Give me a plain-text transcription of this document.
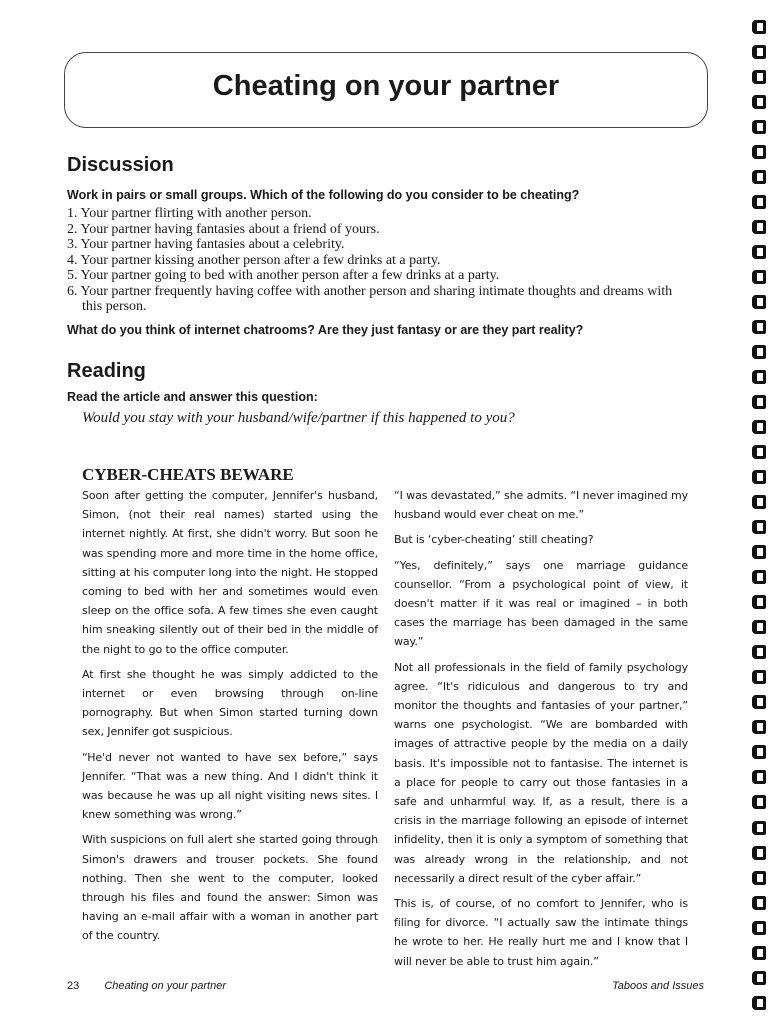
Cheating on your partner
Discussion
Work in pairs or small groups. Which of the following do you consider to be cheating?
1. Your partner flirting with another person.
2. Your partner having fantasies about a friend of yours.
3. Your partner having fantasies about a celebrity.
4. Your partner kissing another person after a few drinks at a party.
5. Your partner going to bed with another person after a few drinks at a party.
6. Your partner frequently having coffee with another person and sharing intimate thoughts and dreams with this person.
What do you think of internet chatrooms? Are they just fantasy or are they part reality?
Reading
Read the article and answer this question:
Would you stay with your husband/wife/partner if this happened to you?
CYBER-CHEATS BEWARE

Soon after getting the computer, Jennifer's husband, Simon, (not their real names) started using the internet nightly. At first, she didn't worry. But soon he was spending more and more time in the home office, sitting at his computer long into the night. He stopped coming to bed with her and sometimes would even sleep on the office sofa. A few times she even caught him sneaking silently out of their bed in the middle of the night to go to the office computer.

At first she thought he was simply addicted to the internet or even browsing through on-line pornography. But when Simon started turning down sex, Jennifer got suspicious.

“He'd never not wanted to have sex before,” says Jennifer. “That was a new thing. And I didn't think it was because he was up all night visiting news sites. I knew something was wrong.”

With suspicions on full alert she started going through Simon's drawers and trouser pockets. She found nothing. Then she went to the computer, looked through his files and found the answer: Simon was having an e-mail affair with a woman in another part of the country.

“I was devastated,” she admits. “I never imagined my husband would ever cheat on me.”

But is ‘cyber-cheating’ still cheating?

“Yes, definitely,” says one marriage guidance counsellor. “From a psychological point of view, it doesn't matter if it was real or imagined – in both cases the marriage has been damaged in the same way.”

Not all professionals in the field of family psychology agree. “It's ridiculous and dangerous to try and monitor the thoughts and fantasies of your partner,” warns one psychologist. “We are bombarded with images of attractive people by the media on a daily basis. It's impossible not to fantasise. The internet is a place for people to carry out those fantasies in a safe and unharmful way. If, as a result, there is a crisis in the marriage following an episode of internet infidelity, then it is only a symptom of something that was already wrong in the relationship, and not necessarily a direct result of the cyber affair.”

This is, of course, of no comfort to Jennifer, who is filing for divorce. “I actually saw the intimate things he wrote to her. He really hurt me and I know that I will never be able to trust him again.”

23 Cheating on your partner	Taboos and Issues
